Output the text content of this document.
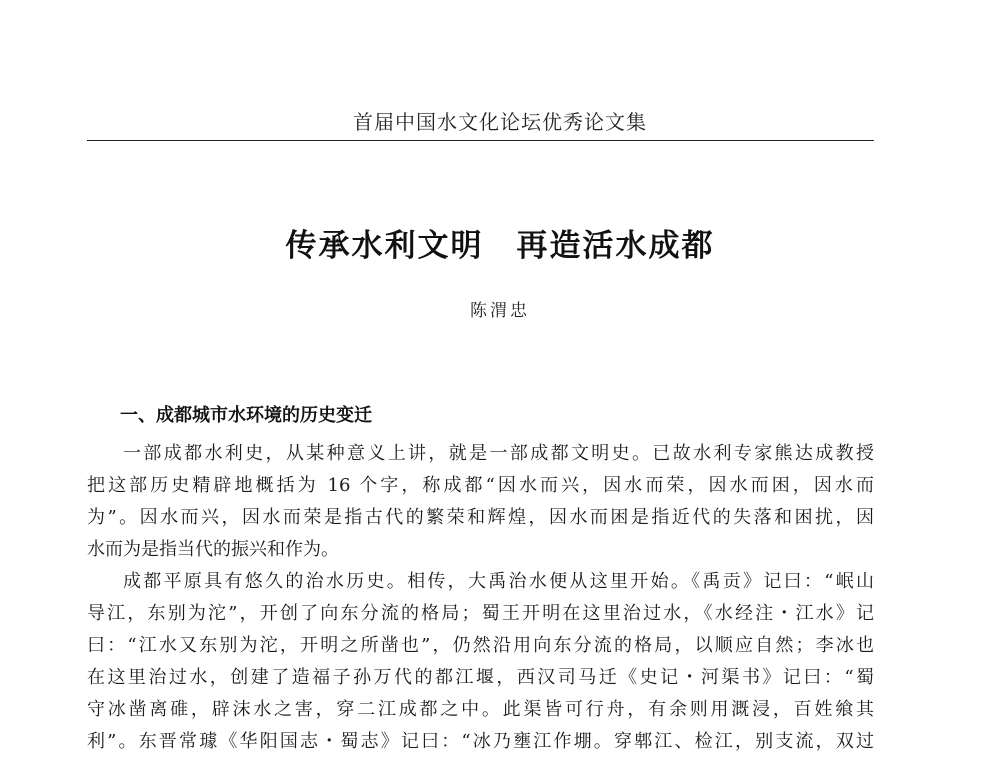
首届中国水文化论坛优秀论文集
传承水利文明　再造活水成都
陈渭忠
一、成都城市水环境的历史变迁
一部成都水利史，从某种意义上讲，就是一部成都文明史。已故水利专家熊达成教授
把这部历史精辟地概括为 16 个字，称成都“因水而兴，因水而荣，因水而困，因水而
为”。因水而兴，因水而荣是指古代的繁荣和辉煌，因水而困是指近代的失落和困扰，因
水而为是指当代的振兴和作为。
成都平原具有悠久的治水历史。相传，大禹治水便从这里开始。《禹贡》记曰：“岷山
导江，东别为沱”，开创了向东分流的格局；蜀王开明在这里治过水，《水经注・江水》记
曰：“江水又东别为沱，开明之所凿也”，仍然沿用向东分流的格局，以顺应自然；李冰也
在这里治过水，创建了造福子孙万代的都江堰，西汉司马迁《史记・河渠书》记曰：“蜀
守冰凿离碓，辟沫水之害，穿二江成都之中。此渠皆可行舟，有余则用溉浸，百姓飨其
利”。东晋常璩《华阳国志・蜀志》记曰：“冰乃壅江作堋。穿郫江、检江，别支流，双过
